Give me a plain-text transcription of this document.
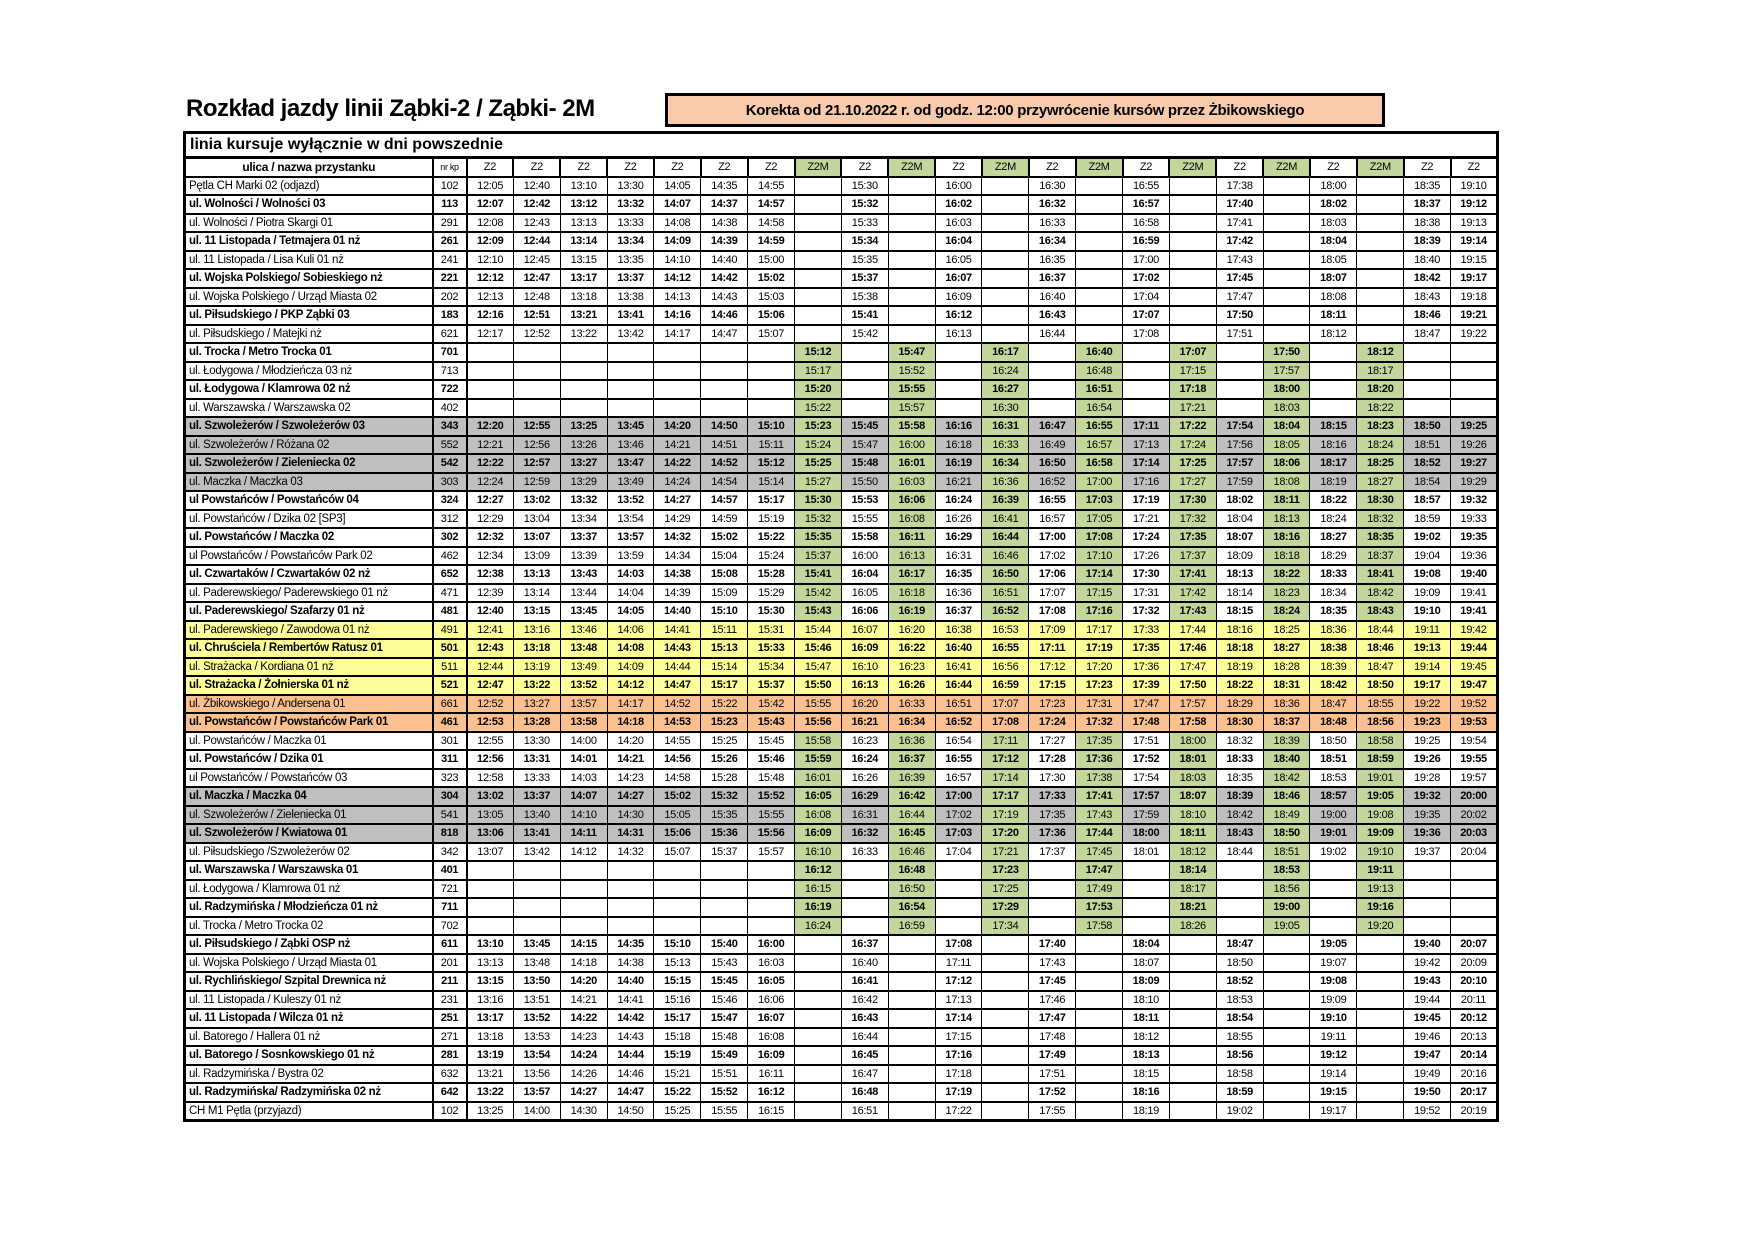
Rozkład jazdy linii Ząbki-2 / Ząbki- 2M	Korekta od 21.10.2022 r. od godz. 12:00 przywrócenie kursów przez Żbikowskiego
linia kursuje wyłącznie w dni powszednie
ulica / nazwa przystanku	nr kp	Z2	Z2	Z2	Z2	Z2	Z2	Z2	Z2M	Z2	Z2M	Z2	Z2M	Z2	Z2M	Z2	Z2M	Z2	Z2M	Z2	Z2M	Z2	Z2
Pętla CH Marki 02 (odjazd)	102	12:05	12:40	13:10	13:30	14:05	14:35	14:55		15:30		16:00		16:30		16:55		17:38		18:00		18:35	19:10
ul. Wolności / Wolności 03	113	12:07	12:42	13:12	13:32	14:07	14:37	14:57		15:32		16:02		16:32		16:57		17:40		18:02		18:37	19:12
ul. Wolności / Piotra Skargi 01	291	12:08	12:43	13:13	13:33	14:08	14:38	14:58		15:33		16:03		16:33		16:58		17:41		18:03		18:38	19:13
ul. 11 Listopada / Tetmajera 01 nż	261	12:09	12:44	13:14	13:34	14:09	14:39	14:59		15:34		16:04		16:34		16:59		17:42		18:04		18:39	19:14
ul. 11 Listopada / Lisa Kuli 01 nż	241	12:10	12:45	13:15	13:35	14:10	14:40	15:00		15:35		16:05		16:35		17:00		17:43		18:05		18:40	19:15
ul. Wojska Polskiego/ Sobieskiego nż	221	12:12	12:47	13:17	13:37	14:12	14:42	15:02		15:37		16:07		16:37		17:02		17:45		18:07		18:42	19:17
ul. Wojska Polskiego / Urząd Miasta 02	202	12:13	12:48	13:18	13:38	14:13	14:43	15:03		15:38		16:09		16:40		17:04		17:47		18:08		18:43	19:18
ul. Piłsudskiego / PKP Ząbki 03	183	12:16	12:51	13:21	13:41	14:16	14:46	15:06		15:41		16:12		16:43		17:07		17:50		18:11		18:46	19:21
ul. Piłsudskiego / Matejki nż	621	12:17	12:52	13:22	13:42	14:17	14:47	15:07		15:42		16:13		16:44		17:08		17:51		18:12		18:47	19:22
ul. Trocka / Metro Trocka 01	701								15:12		15:47		16:17		16:40		17:07		17:50		18:12		
ul. Łodygowa / Młodzieńcza 03 nż	713								15:17		15:52		16:24		16:48		17:15		17:57		18:17		
ul. Łodygowa / Klamrowa 02 nż	722								15:20		15:55		16:27		16:51		17:18		18:00		18:20		
ul. Warszawska / Warszawska 02	402								15:22		15:57		16:30		16:54		17:21		18:03		18:22		
ul. Szwoleżerów / Szwoleżerów 03	343	12:20	12:55	13:25	13:45	14:20	14:50	15:10	15:23	15:45	15:58	16:16	16:31	16:47	16:55	17:11	17:22	17:54	18:04	18:15	18:23	18:50	19:25
ul. Szwoleżerów / Różana 02	552	12:21	12:56	13:26	13:46	14:21	14:51	15:11	15:24	15:47	16:00	16:18	16:33	16:49	16:57	17:13	17:24	17:56	18:05	18:16	18:24	18:51	19:26
ul. Szwoleżerów / Zieleniecka 02	542	12:22	12:57	13:27	13:47	14:22	14:52	15:12	15:25	15:48	16:01	16:19	16:34	16:50	16:58	17:14	17:25	17:57	18:06	18:17	18:25	18:52	19:27
ul. Maczka / Maczka 03	303	12:24	12:59	13:29	13:49	14:24	14:54	15:14	15:27	15:50	16:03	16:21	16:36	16:52	17:00	17:16	17:27	17:59	18:08	18:19	18:27	18:54	19:29
ul Powstańców / Powstańców 04	324	12:27	13:02	13:32	13:52	14:27	14:57	15:17	15:30	15:53	16:06	16:24	16:39	16:55	17:03	17:19	17:30	18:02	18:11	18:22	18:30	18:57	19:32
ul. Powstańców / Dzika 02 [SP3]	312	12:29	13:04	13:34	13:54	14:29	14:59	15:19	15:32	15:55	16:08	16:26	16:41	16:57	17:05	17:21	17:32	18:04	18:13	18:24	18:32	18:59	19:33
ul. Powstańców / Maczka 02	302	12:32	13:07	13:37	13:57	14:32	15:02	15:22	15:35	15:58	16:11	16:29	16:44	17:00	17:08	17:24	17:35	18:07	18:16	18:27	18:35	19:02	19:35
ul Powstańców / Powstańców Park 02	462	12:34	13:09	13:39	13:59	14:34	15:04	15:24	15:37	16:00	16:13	16:31	16:46	17:02	17:10	17:26	17:37	18:09	18:18	18:29	18:37	19:04	19:36
ul. Czwartaków / Czwartaków 02 nż	652	12:38	13:13	13:43	14:03	14:38	15:08	15:28	15:41	16:04	16:17	16:35	16:50	17:06	17:14	17:30	17:41	18:13	18:22	18:33	18:41	19:08	19:40
ul. Paderewskiego/ Paderewskiego 01 nż	471	12:39	13:14	13:44	14:04	14:39	15:09	15:29	15:42	16:05	16:18	16:36	16:51	17:07	17:15	17:31	17:42	18:14	18:23	18:34	18:42	19:09	19:41
ul. Paderewskiego/ Szafarzy 01 nż	481	12:40	13:15	13:45	14:05	14:40	15:10	15:30	15:43	16:06	16:19	16:37	16:52	17:08	17:16	17:32	17:43	18:15	18:24	18:35	18:43	19:10	19:41
ul. Paderewskiego / Zawodowa 01 nż	491	12:41	13:16	13:46	14:06	14:41	15:11	15:31	15:44	16:07	16:20	16:38	16:53	17:09	17:17	17:33	17:44	18:16	18:25	18:36	18:44	19:11	19:42
ul. Chruściela / Rembertów Ratusz 01	501	12:43	13:18	13:48	14:08	14:43	15:13	15:33	15:46	16:09	16:22	16:40	16:55	17:11	17:19	17:35	17:46	18:18	18:27	18:38	18:46	19:13	19:44
ul. Strażacka / Kordiana 01 nż	511	12:44	13:19	13:49	14:09	14:44	15:14	15:34	15:47	16:10	16:23	16:41	16:56	17:12	17:20	17:36	17:47	18:19	18:28	18:39	18:47	19:14	19:45
ul. Strażacka / Żołnierska 01 nż	521	12:47	13:22	13:52	14:12	14:47	15:17	15:37	15:50	16:13	16:26	16:44	16:59	17:15	17:23	17:39	17:50	18:22	18:31	18:42	18:50	19:17	19:47
ul. Żbikowskiego / Andersena 01	661	12:52	13:27	13:57	14:17	14:52	15:22	15:42	15:55	16:20	16:33	16:51	17:07	17:23	17:31	17:47	17:57	18:29	18:36	18:47	18:55	19:22	19:52
ul. Powstańców / Powstańców Park 01	461	12:53	13:28	13:58	14:18	14:53	15:23	15:43	15:56	16:21	16:34	16:52	17:08	17:24	17:32	17:48	17:58	18:30	18:37	18:48	18:56	19:23	19:53
ul. Powstańców / Maczka 01	301	12:55	13:30	14:00	14:20	14:55	15:25	15:45	15:58	16:23	16:36	16:54	17:11	17:27	17:35	17:51	18:00	18:32	18:39	18:50	18:58	19:25	19:54
ul. Powstańców / Dzika 01	311	12:56	13:31	14:01	14:21	14:56	15:26	15:46	15:59	16:24	16:37	16:55	17:12	17:28	17:36	17:52	18:01	18:33	18:40	18:51	18:59	19:26	19:55
ul Powstańców / Powstańców 03	323	12:58	13:33	14:03	14:23	14:58	15:28	15:48	16:01	16:26	16:39	16:57	17:14	17:30	17:38	17:54	18:03	18:35	18:42	18:53	19:01	19:28	19:57
ul. Maczka / Maczka 04	304	13:02	13:37	14:07	14:27	15:02	15:32	15:52	16:05	16:29	16:42	17:00	17:17	17:33	17:41	17:57	18:07	18:39	18:46	18:57	19:05	19:32	20:00
ul. Szwoleżerów / Zieleniecka 01	541	13:05	13:40	14:10	14:30	15:05	15:35	15:55	16:08	16:31	16:44	17:02	17:19	17:35	17:43	17:59	18:10	18:42	18:49	19:00	19:08	19:35	20:02
ul. Szwoleżerów / Kwiatowa 01	818	13:06	13:41	14:11	14:31	15:06	15:36	15:56	16:09	16:32	16:45	17:03	17:20	17:36	17:44	18:00	18:11	18:43	18:50	19:01	19:09	19:36	20:03
ul. Piłsudskiego /Szwoleżerów 02	342	13:07	13:42	14:12	14:32	15:07	15:37	15:57	16:10	16:33	16:46	17:04	17:21	17:37	17:45	18:01	18:12	18:44	18:51	19:02	19:10	19:37	20:04
ul. Warszawska / Warszawska 01	401								16:12		16:48		17:23		17:47		18:14		18:53		19:11		
ul. Łodygowa / Klamrowa 01 nż	721								16:15		16:50		17:25		17:49		18:17		18:56		19:13		
ul. Radzymińska / Młodzieńcza 01 nż	711								16:19		16:54		17:29		17:53		18:21		19:00		19:16		
ul. Trocka / Metro Trocka 02	702								16:24		16:59		17:34		17:58		18:26		19:05		19:20		
ul. Piłsudskiego / Ząbki OSP nż	611	13:10	13:45	14:15	14:35	15:10	15:40	16:00		16:37		17:08		17:40		18:04		18:47		19:05		19:40	20:07
ul. Wojska Polskiego / Urząd Miasta 01	201	13:13	13:48	14:18	14:38	15:13	15:43	16:03		16:40		17:11		17:43		18:07		18:50		19:07		19:42	20:09
ul. Rychlińskiego/ Szpital Drewnica nż	211	13:15	13:50	14:20	14:40	15:15	15:45	16:05		16:41		17:12		17:45		18:09		18:52		19:08		19:43	20:10
ul. 11 Listopada / Kuleszy 01 nż	231	13:16	13:51	14:21	14:41	15:16	15:46	16:06		16:42		17:13		17:46		18:10		18:53		19:09		19:44	20:11
ul. 11 Listopada / Wilcza 01 nż	251	13:17	13:52	14:22	14:42	15:17	15:47	16:07		16:43		17:14		17:47		18:11		18:54		19:10		19:45	20:12
ul. Batorego / Hallera 01 nż	271	13:18	13:53	14:23	14:43	15:18	15:48	16:08		16:44		17:15		17:48		18:12		18:55		19:11		19:46	20:13
ul. Batorego / Sosnkowskiego 01 nż	281	13:19	13:54	14:24	14:44	15:19	15:49	16:09		16:45		17:16		17:49		18:13		18:56		19:12		19:47	20:14
ul. Radzymińska / Bystra 02	632	13:21	13:56	14:26	14:46	15:21	15:51	16:11		16:47		17:18		17:51		18:15		18:58		19:14		19:49	20:16
ul. Radzymińska/ Radzymińska 02 nż	642	13:22	13:57	14:27	14:47	15:22	15:52	16:12		16:48		17:19		17:52		18:16		18:59		19:15		19:50	20:17
CH M1 Pętla (przyjazd)	102	13:25	14:00	14:30	14:50	15:25	15:55	16:15		16:51		17:22		17:55		18:19		19:02		19:17		19:52	20:19
